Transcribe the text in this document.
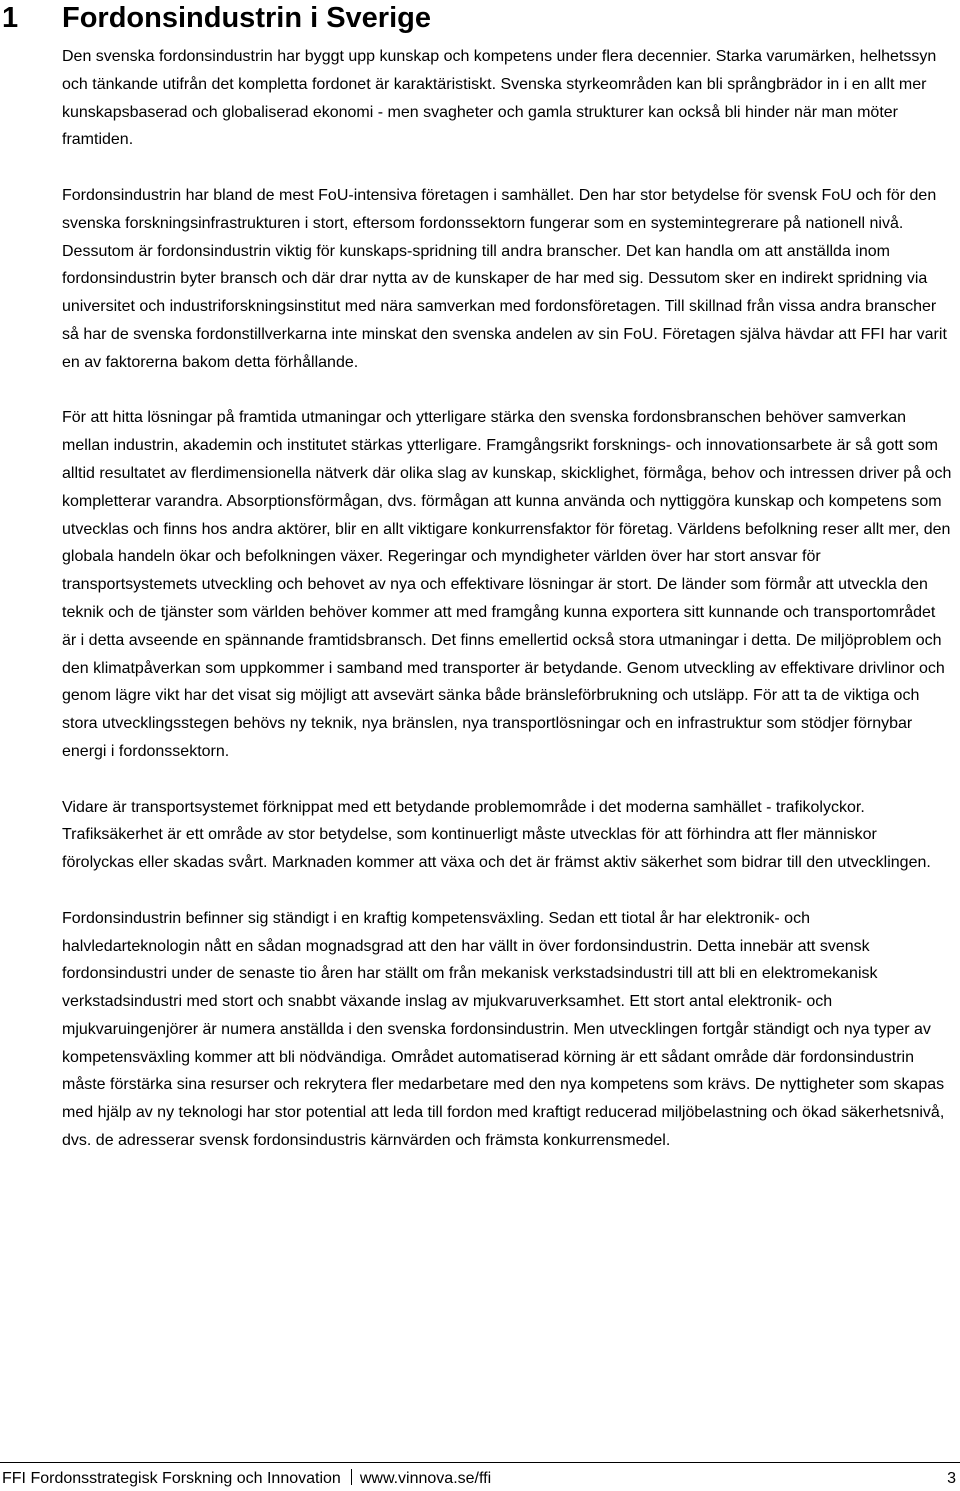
1 Fordonsindustrin i Sverige

Den svenska fordonsindustrin har byggt upp kunskap och kompetens under flera decennier. Starka varumärken, helhetssyn och tänkande utifrån det kompletta fordonet är karaktäristiskt. Svenska styrkeområden kan bli språngbrädor in i en allt mer kunskapsbaserad och globaliserad ekonomi - men svagheter och gamla strukturer kan också bli hinder när man möter framtiden.

Fordonsindustrin har bland de mest FoU-intensiva företagen i samhället. Den har stor betydelse för svensk FoU och för den svenska forskningsinfrastrukturen i stort, eftersom fordonssektorn fungerar som en systemintegrerare på nationell nivå. Dessutom är fordonsindustrin viktig för kunskaps-spridning till andra branscher. Det kan handla om att anställda inom fordonsindustrin byter bransch och där drar nytta av de kunskaper de har med sig. Dessutom sker en indirekt spridning via universitet och industriforskningsinstitut med nära samverkan med fordonsföretagen. Till skillnad från vissa andra branscher så har de svenska fordonstillverkarna inte minskat den svenska andelen av sin FoU. Företagen själva hävdar att FFI har varit en av faktorerna bakom detta förhållande.

För att hitta lösningar på framtida utmaningar och ytterligare stärka den svenska fordonsbranschen behöver samverkan mellan industrin, akademin och institutet stärkas ytterligare. Framgångsrikt forsknings- och innovationsarbete är så gott som alltid resultatet av flerdimensionella nätverk där olika slag av kunskap, skicklighet, förmåga, behov och intressen driver på och kompletterar varandra. Absorptionsförmågan, dvs. förmågan att kunna använda och nyttiggöra kunskap och kompetens som utvecklas och finns hos andra aktörer, blir en allt viktigare konkurrensfaktor för företag. Världens befolkning reser allt mer, den globala handeln ökar och befolkningen växer. Regeringar och myndigheter världen över har stort ansvar för transportsystemets utveckling och behovet av nya och effektivare lösningar är stort. De länder som förmår att utveckla den teknik och de tjänster som världen behöver kommer att med framgång kunna exportera sitt kunnande och transportområdet är i detta avseende en spännande framtidsbransch. Det finns emellertid också stora utmaningar i detta. De miljöproblem och den klimatpåverkan som uppkommer i samband med transporter är betydande. Genom utveckling av effektivare drivlinor och genom lägre vikt har det visat sig möjligt att avsevärt sänka både bränsleförbrukning och utsläpp. För att ta de viktiga och stora utvecklingsstegen behövs ny teknik, nya bränslen, nya transportlösningar och en infrastruktur som stödjer förnybar energi i fordonssektorn.

Vidare är transportsystemet förknippat med ett betydande problemområde i det moderna samhället - trafikolyckor. Trafiksäkerhet är ett område av stor betydelse, som kontinuerligt måste utvecklas för att förhindra att fler människor förolyckas eller skadas svårt. Marknaden kommer att växa och det är främst aktiv säkerhet som bidrar till den utvecklingen.

Fordonsindustrin befinner sig ständigt i en kraftig kompetensväxling. Sedan ett tiotal år har elektronik- och halvledarteknologin nått en sådan mognadsgrad att den har vällt in över fordonsindustrin. Detta innebär att svensk fordonsindustri under de senaste tio åren har ställt om från mekanisk verkstadsindustri till att bli en elektromekanisk verkstadsindustri med stort och snabbt växande inslag av mjukvaruverksamhet. Ett stort antal elektronik- och mjukvaruingenjörer är numera anställda i den svenska fordonsindustrin. Men utvecklingen fortgår ständigt och nya typer av kompetensväxling kommer att bli nödvändiga. Området automatiserad körning är ett sådant område där fordonsindustrin måste förstärka sina resurser och rekrytera fler medarbetare med den nya kompetens som krävs. De nyttigheter som skapas med hjälp av ny teknologi har stor potential att leda till fordon med kraftigt reducerad miljöbelastning och ökad säkerhetsnivå, dvs. de adresserar svensk fordonsindustris kärnvärden och främsta konkurrensmedel.

FFI Fordonsstrategisk Forskning och Innovation www.vinnova.se/ffi	3
